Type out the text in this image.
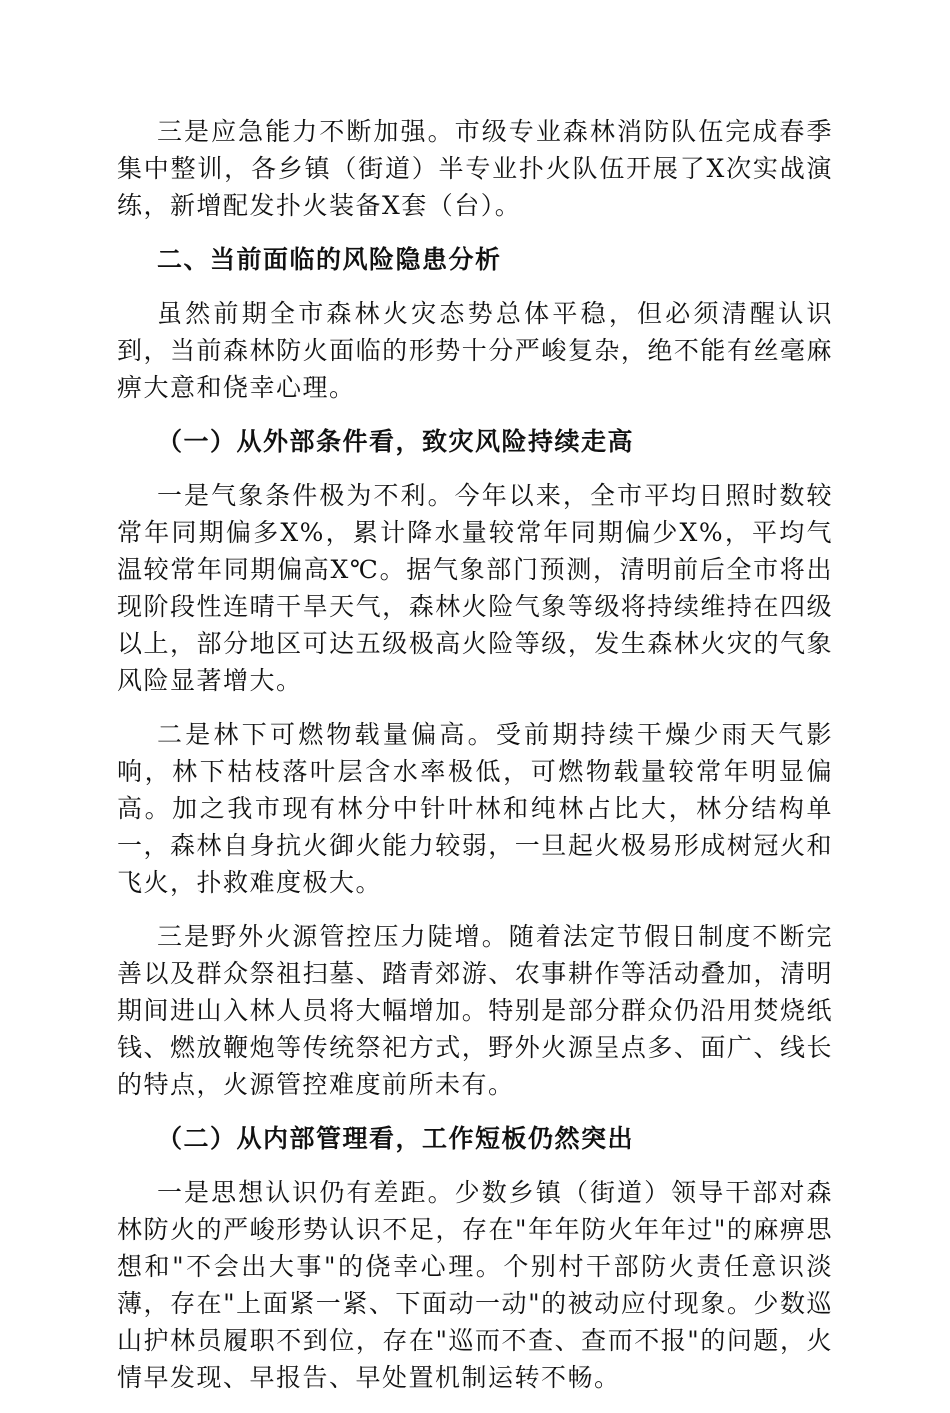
三是应急能力不断加强。市级专业森林消防队伍完成春季集中整训，各乡镇（街道）半专业扑火队伍开展了X次实战演练，新增配发扑火装备X套（台）。

二、当前面临的风险隐患分析

虽然前期全市森林火灾态势总体平稳，但必须清醒认识到，当前森林防火面临的形势十分严峻复杂，绝不能有丝毫麻痹大意和侥幸心理。

（一）从外部条件看，致灾风险持续走高

一是气象条件极为不利。今年以来，全市平均日照时数较常年同期偏多X%，累计降水量较常年同期偏少X%，平均气温较常年同期偏高X℃。据气象部门预测，清明前后全市将出现阶段性连晴干旱天气，森林火险气象等级将持续维持在四级以上，部分地区可达五级极高火险等级，发生森林火灾的气象风险显著增大。

二是林下可燃物载量偏高。受前期持续干燥少雨天气影响，林下枯枝落叶层含水率极低，可燃物载量较常年明显偏高。加之我市现有林分中针叶林和纯林占比大，林分结构单一，森林自身抗火御火能力较弱，一旦起火极易形成树冠火和飞火，扑救难度极大。

三是野外火源管控压力陡增。随着法定节假日制度不断完善以及群众祭祖扫墓、踏青郊游、农事耕作等活动叠加，清明期间进山入林人员将大幅增加。特别是部分群众仍沿用焚烧纸钱、燃放鞭炮等传统祭祀方式，野外火源呈点多、面广、线长的特点，火源管控难度前所未有。

（二）从内部管理看，工作短板仍然突出

一是思想认识仍有差距。少数乡镇（街道）领导干部对森林防火的严峻形势认识不足，存在"年年防火年年过"的麻痹思想和"不会出大事"的侥幸心理。个别村干部防火责任意识淡薄，存在"上面紧一紧、下面动一动"的被动应付现象。少数巡山护林员履职不到位，存在"巡而不查、查而不报"的问题，火情早发现、早报告、早处置机制运转不畅。
